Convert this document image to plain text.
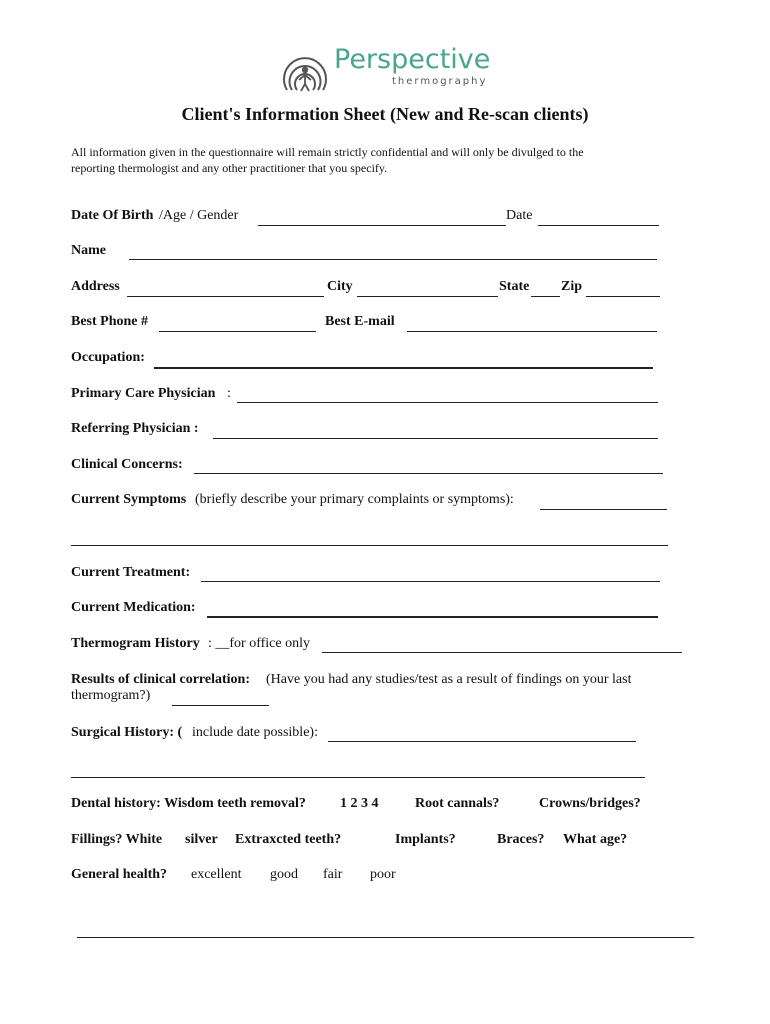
Perspective
thermography
Client's Information Sheet (New and Re-scan clients)
All information given in the questionnaire will remain strictly confidential and will only be divulged to the
reporting thermologist and any other practitioner that you specify.
Date Of Birth /Age / Gender	Date
Name
Address	City	State Zip
Best Phone #	Best E-mail
Occupation:
Primary Care Physician :
Referring Physician :
Clinical Concerns:
Current Symptoms (briefly describe your primary complaints or symptoms):
Current Treatment:
Current Medication:
Thermogram History : __for office only
Results of clinical correlation: (Have you had any studies/test as a result of findings on your last
thermogram?)
Surgical History: ( include date possible):
Dental history: Wisdom teeth removal? 1 2 3 4	Root cannals?	Crowns/bridges?
Fillings? White silver Extraxcted teeth?	Implants?	Braces? What age?
General health? excellent good fair poor
